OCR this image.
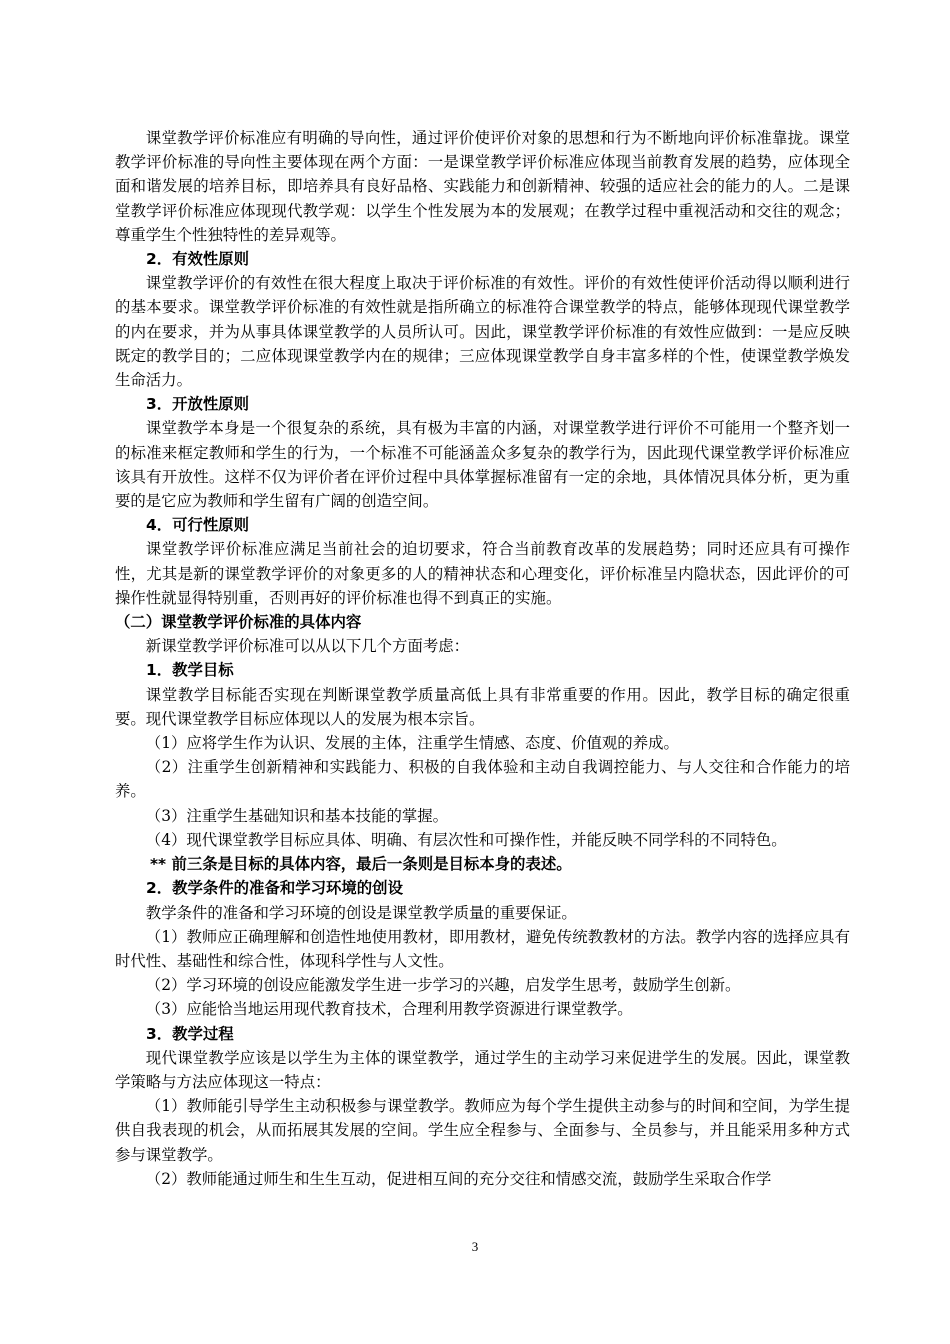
课堂教学评价标准应有明确的导向性，通过评价使评价对象的思想和行为不断地向评价标准靠拢。课堂教学评价标准的导向性主要体现在两个方面：一是课堂教学评价标准应体现当前教育发展的趋势，应体现全面和谐发展的培养目标，即培养具有良好品格、实践能力和创新精神、较强的适应社会的能力的人。二是课堂教学评价标准应体现现代教学观：以学生个性发展为本的发展观；在教学过程中重视活动和交往的观念；尊重学生个性独特性的差异观等。

2．有效性原则

课堂教学评价的有效性在很大程度上取决于评价标准的有效性。评价的有效性使评价活动得以顺利进行的基本要求。课堂教学评价标准的有效性就是指所确立的标准符合课堂教学的特点，能够体现现代课堂教学的内在要求，并为从事具体课堂教学的人员所认可。因此，课堂教学评价标准的有效性应做到：一是应反映既定的教学目的；二应体现课堂教学内在的规律；三应体现课堂教学自身丰富多样的个性，使课堂教学焕发生命活力。

3．开放性原则

课堂教学本身是一个很复杂的系统，具有极为丰富的内涵，对课堂教学进行评价不可能用一个整齐划一的标准来框定教师和学生的行为，一个标准不可能涵盖众多复杂的教学行为，因此现代课堂教学评价标准应该具有开放性。这样不仅为评价者在评价过程中具体掌握标准留有一定的余地，具体情况具体分析，更为重要的是它应为教师和学生留有广阔的创造空间。

4．可行性原则

课堂教学评价标准应满足当前社会的迫切要求，符合当前教育改革的发展趋势；同时还应具有可操作性，尤其是新的课堂教学评价的对象更多的人的精神状态和心理变化，评价标准呈内隐状态，因此评价的可操作性就显得特别重，否则再好的评价标准也得不到真正的实施。

（二）课堂教学评价标准的具体内容

新课堂教学评价标准可以从以下几个方面考虑：

1．教学目标

课堂教学目标能否实现在判断课堂教学质量高低上具有非常重要的作用。因此，教学目标的确定很重要。现代课堂教学目标应体现以人的发展为根本宗旨。

（1）应将学生作为认识、发展的主体，注重学生情感、态度、价值观的养成。

（2）注重学生创新精神和实践能力、积极的自我体验和主动自我调控能力、与人交往和合作能力的培养。

（3）注重学生基础知识和基本技能的掌握。

（4）现代课堂教学目标应具体、明确、有层次性和可操作性，并能反映不同学科的不同特色。

** 前三条是目标的具体内容，最后一条则是目标本身的表述。

2．教学条件的准备和学习环境的创设

教学条件的准备和学习环境的创设是课堂教学质量的重要保证。

（1）教师应正确理解和创造性地使用教材，即用教材，避免传统教教材的方法。教学内容的选择应具有时代性、基础性和综合性，体现科学性与人文性。

（2）学习环境的创设应能激发学生进一步学习的兴趣，启发学生思考，鼓励学生创新。

（3）应能恰当地运用现代教育技术，合理利用教学资源进行课堂教学。

3．教学过程

现代课堂教学应该是以学生为主体的课堂教学，通过学生的主动学习来促进学生的发展。因此，课堂教学策略与方法应体现这一特点：

（1）教师能引导学生主动积极参与课堂教学。教师应为每个学生提供主动参与的时间和空间，为学生提供自我表现的机会，从而拓展其发展的空间。学生应全程参与、全面参与、全员参与，并且能采用多种方式参与课堂教学。

（2）教师能通过师生和生生互动，促进相互间的充分交往和情感交流，鼓励学生采取合作学

3
